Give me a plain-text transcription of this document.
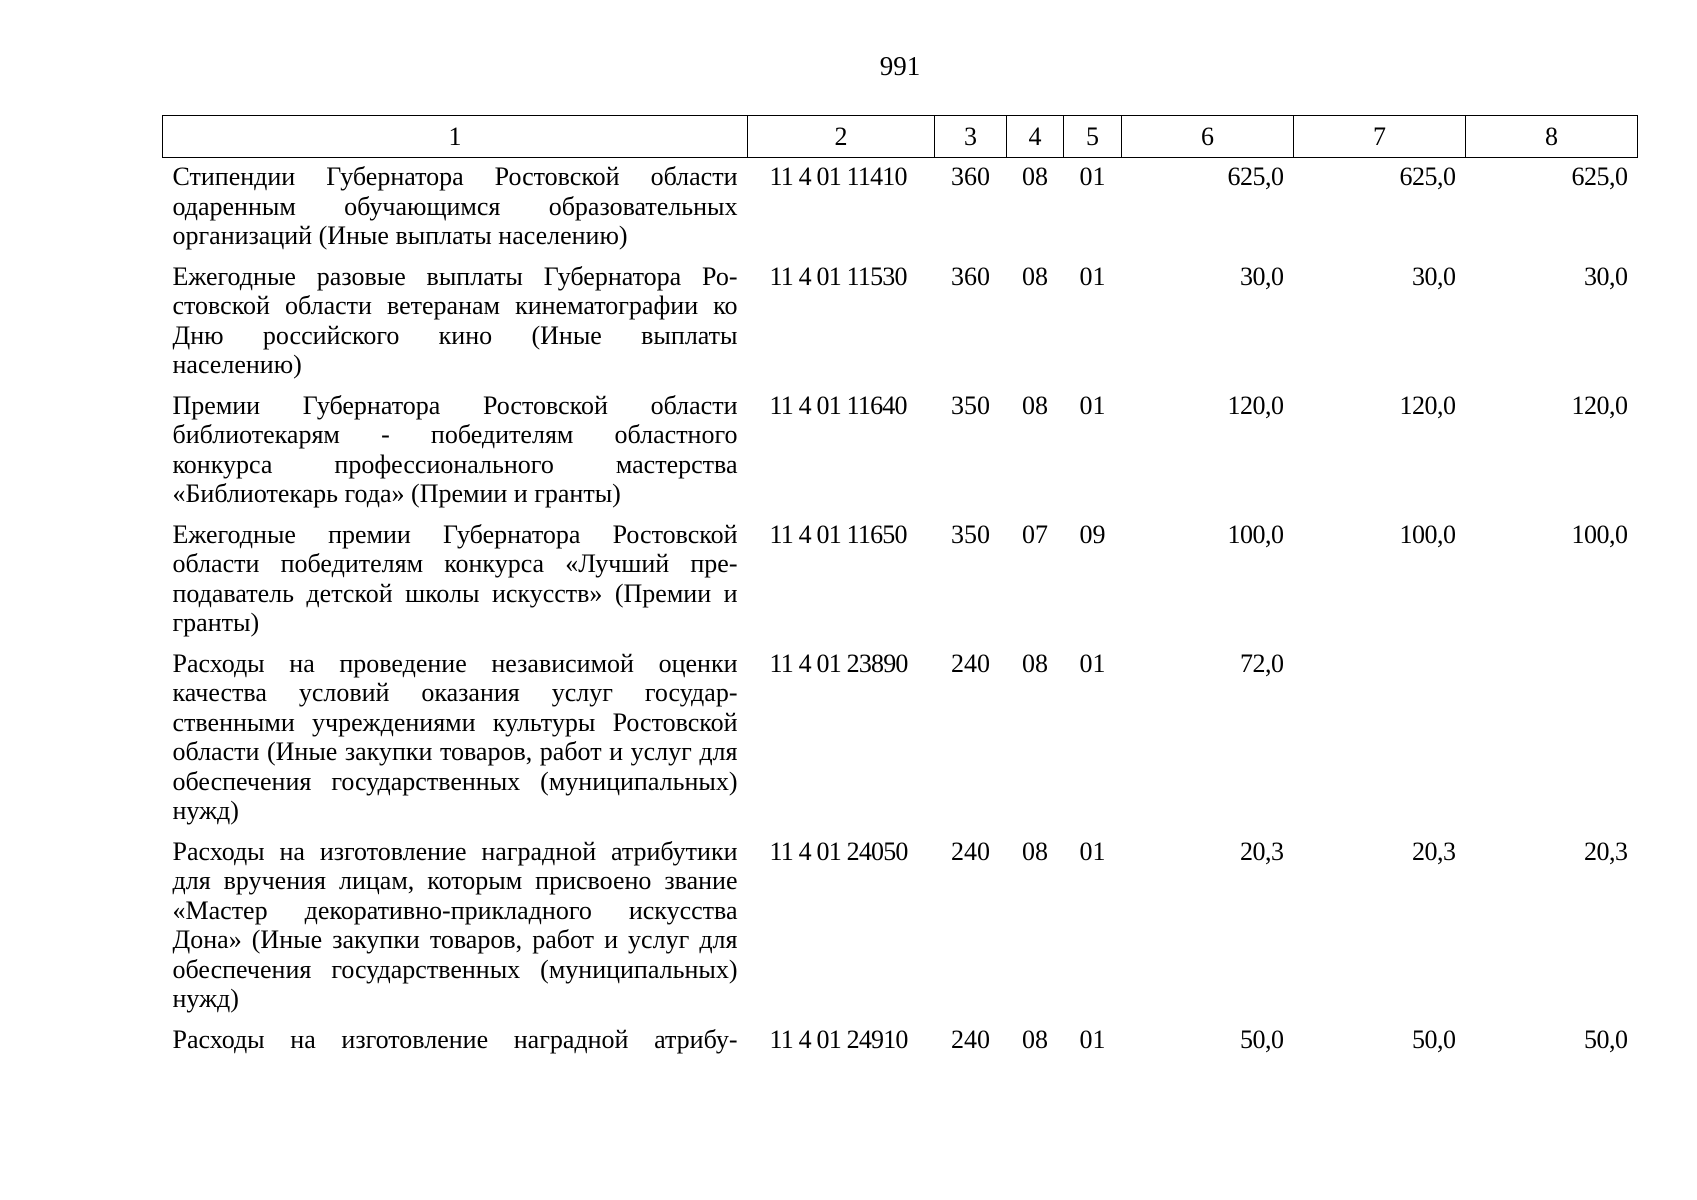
991
1	2	3	4	5	6	7	8
Стипендии Губернатора Ростовской области одаренным обучающимся образовательных организаций (Иные выплаты населению)	11 4 01 11410	360	08	01	625,0	625,0	625,0
Ежегодные разовые выплаты Губернатора Ростовской области ветеранам кинематографии ко Дню российского кино (Иные выплаты населению)	11 4 01 11530	360	08	01	30,0	30,0	30,0
Премии Губернатора Ростовской области библиотекарям - победителям областного конкурса профессионального мастерства «Библиотекарь года» (Премии и гранты)	11 4 01 11640	350	08	01	120,0	120,0	120,0
Ежегодные премии Губернатора Ростовской области победителям конкурса «Лучший преподаватель детской школы искусств» (Премии и гранты)	11 4 01 11650	350	07	09	100,0	100,0	100,0
Расходы на проведение независимой оценки качества условий оказания услуг государственными учреждениями культуры Ростовской области (Иные закупки товаров, работ и услуг для обеспечения государственных (муниципальных) нужд)	11 4 01 23890	240	08	01	72,0		
Расходы на изготовление наградной атрибутики для вручения лицам, которым присвоено звание «Мастер декоративно-прикладного искусства Дона» (Иные закупки товаров, работ и услуг для обеспечения государственных (муниципальных) нужд)	11 4 01 24050	240	08	01	20,3	20,3	20,3
Расходы на изготовление наградной атрибу-	11 4 01 24910	240	08	01	50,0	50,0	50,0
